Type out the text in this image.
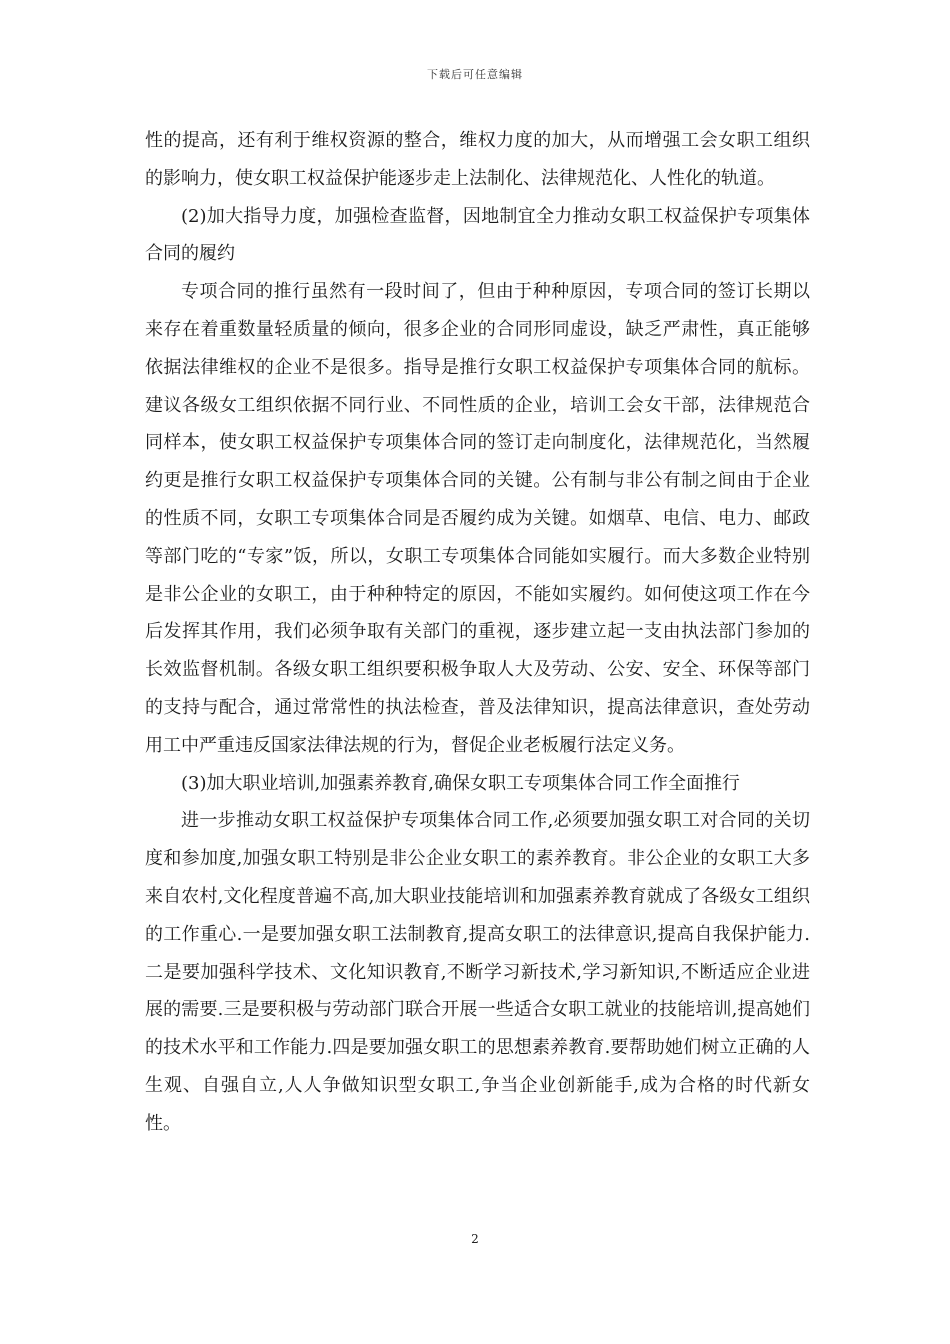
下载后可任意编辑

性的提高，还有利于维权资源的整合，维权力度的加大，从而增强工会女职工组织的影响力，使女职工权益保护能逐步走上法制化、法律规范化、人性化的轨道。

(2)加大指导力度，加强检查监督，因地制宜全力推动女职工权益保护专项集体合同的履约

专项合同的推行虽然有一段时间了，但由于种种原因，专项合同的签订长期以来存在着重数量轻质量的倾向，很多企业的合同形同虚设，缺乏严肃性，真正能够依据法律维权的企业不是很多。指导是推行女职工权益保护专项集体合同的航标。建议各级女工组织依据不同行业、不同性质的企业，培训工会女干部，法律规范合同样本，使女职工权益保护专项集体合同的签订走向制度化，法律规范化，当然履约更是推行女职工权益保护专项集体合同的关键。公有制与非公有制之间由于企业的性质不同，女职工专项集体合同是否履约成为关键。如烟草、电信、电力、邮政等部门吃的“专家”饭，所以，女职工专项集体合同能如实履行。而大多数企业特别是非公企业的女职工，由于种种特定的原因，不能如实履约。如何使这项工作在今后发挥其作用，我们必须争取有关部门的重视，逐步建立起一支由执法部门参加的长效监督机制。各级女职工组织要积极争取人大及劳动、公安、安全、环保等部门的支持与配合，通过常常性的执法检查，普及法律知识，提高法律意识，查处劳动用工中严重违反国家法律法规的行为，督促企业老板履行法定义务。

(3)加大职业培训,加强素养教育,确保女职工专项集体合同工作全面推行

进一步推动女职工权益保护专项集体合同工作,必须要加强女职工对合同的关切度和参加度,加强女职工特别是非公企业女职工的素养教育。非公企业的女职工大多来自农村,文化程度普遍不高,加大职业技能培训和加强素养教育就成了各级女工组织的工作重心.一是要加强女职工法制教育,提高女职工的法律意识,提高自我保护能力.二是要加强科学技术、文化知识教育,不断学习新技术,学习新知识,不断适应企业进展的需要.三是要积极与劳动部门联合开展一些适合女职工就业的技能培训,提高她们的技术水平和工作能力.四是要加强女职工的思想素养教育.要帮助她们树立正确的人生观、自强自立,人人争做知识型女职工,争当企业创新能手,成为合格的时代新女性。

2
